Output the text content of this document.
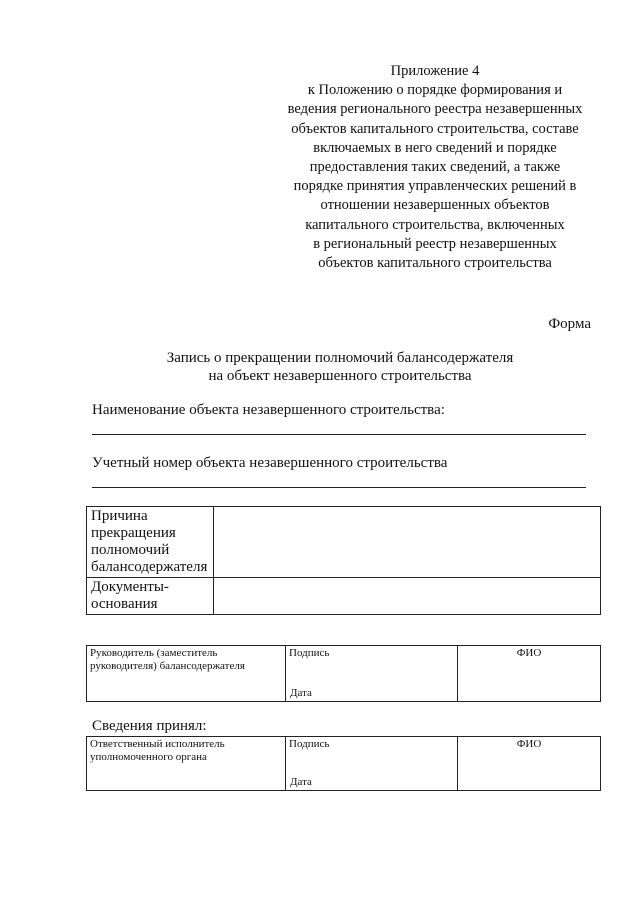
Приложение 4
к Положению о порядке формирования и
ведения регионального реестра незавершенных
объектов капитального строительства, составе
включаемых в него сведений и порядке
предоставления таких сведений, а также
порядке принятия управленческих решений в
отношении незавершенных объектов
капитального строительства, включенных
в региональный реестр незавершенных
объектов капитального строительства
Форма
Запись о прекращении полномочий балансодержателя
на объект незавершенного строительства
Наименование объекта незавершенного строительства:
Учетный номер объекта незавершенного строительства
Причина прекращения полномочий балансодержателя	
Документы-основания	
Руководитель (заместитель руководителя) балансодержателя	Подпись
Дата
	ФИО
Сведения принял:
Ответственный исполнитель уполномоченного органа	Подпись
Дата
	ФИО
